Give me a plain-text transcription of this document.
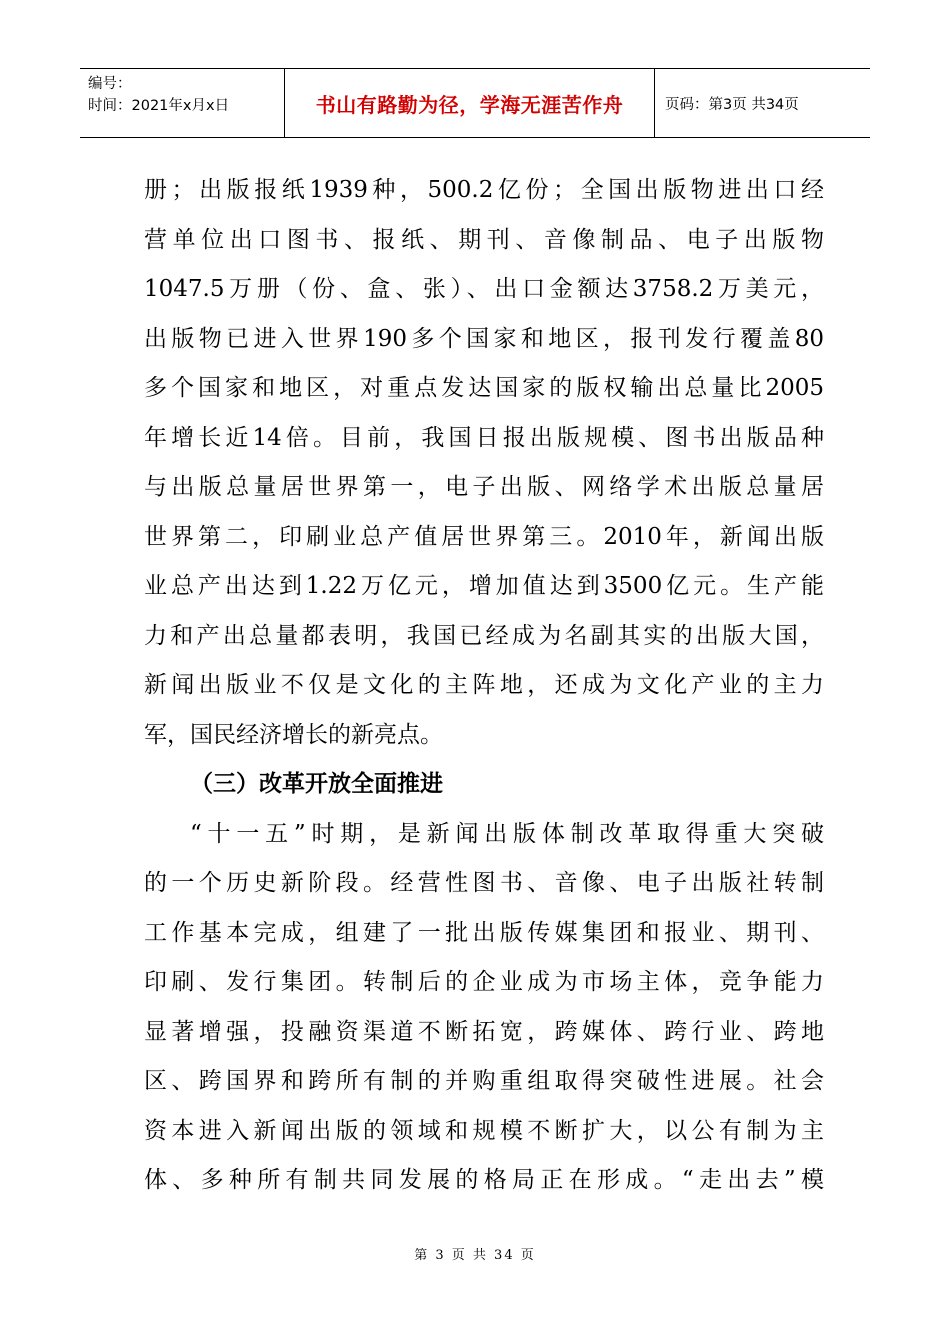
编号：
时间：2021年x月x日	书山有路勤为径，学海无涯苦作舟	页码：第3页 共34页
册；出版报纸1939种，500.2亿份；全国出版物进出口经
营单位出口图书、报纸、期刊、音像制品、电子出版物
1047.5万册（份、盒、张）、出口金额达3758.2万美元，
出版物已进入世界190多个国家和地区，报刊发行覆盖80
多个国家和地区，对重点发达国家的版权输出总量比2005
年增长近14倍。目前，我国日报出版规模、图书出版品种
与出版总量居世界第一，电子出版、网络学术出版总量居
世界第二，印刷业总产值居世界第三。2010年，新闻出版
业总产出达到1.22万亿元，增加值达到3500亿元。生产能
力和产出总量都表明，我国已经成为名副其实的出版大国，
新闻出版业不仅是文化的主阵地，还成为文化产业的主力
军，国民经济增长的新亮点。
（三）改革开放全面推进
“十一五”时期，是新闻出版体制改革取得重大突破
的一个历史新阶段。经营性图书、音像、电子出版社转制
工作基本完成，组建了一批出版传媒集团和报业、期刊、
印刷、发行集团。转制后的企业成为市场主体，竞争能力
显著增强，投融资渠道不断拓宽，跨媒体、跨行业、跨地
区、跨国界和跨所有制的并购重组取得突破性进展。社会
资本进入新闻出版的领域和规模不断扩大，以公有制为主
体、多种所有制共同发展的格局正在形成。“走出去”模
第 3 页 共 34 页
